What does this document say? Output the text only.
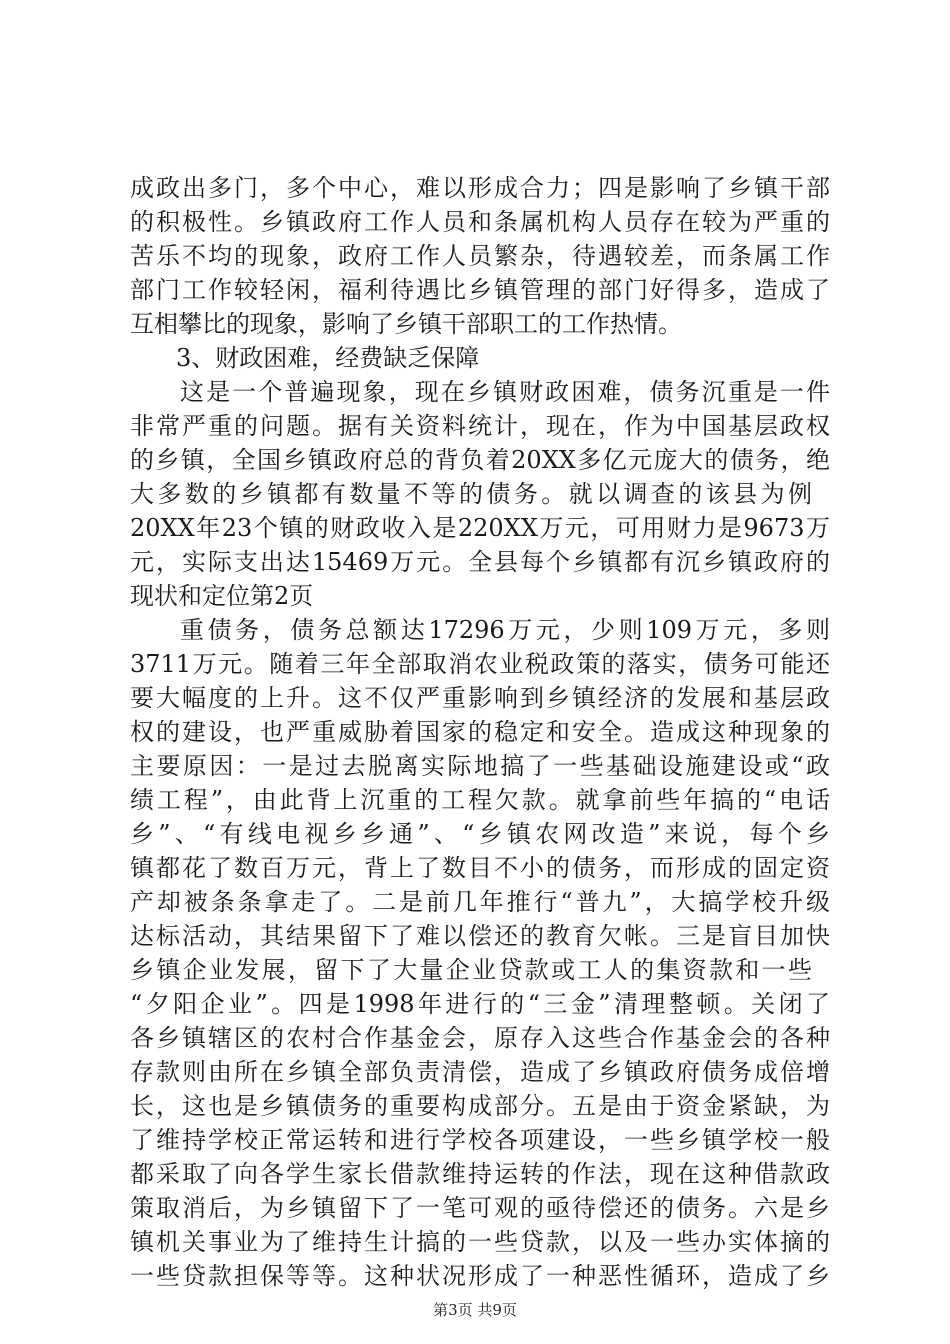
成政出多门，多个中心，难以形成合力；四是影响了乡镇干部
的积极性。乡镇政府工作人员和条属机构人员存在较为严重的
苦乐不均的现象，政府工作人员繁杂，待遇较差，而条属工作
部门工作较轻闲，福利待遇比乡镇管理的部门好得多，造成了
互相攀比的现象，影响了乡镇干部职工的工作热情。
3、财政困难，经费缺乏保障
这是一个普遍现象，现在乡镇财政困难，债务沉重是一件
非常严重的问题。据有关资料统计，现在，作为中国基层政权
的乡镇，全国乡镇政府总的背负着20XX多亿元庞大的债务，绝
大多数的乡镇都有数量不等的债务。就以调查的该县为例
20XX年23个镇的财政收入是220XX万元，可用财力是9673万
元，实际支出达15469万元。全县每个乡镇都有沉乡镇政府的
现状和定位第2页
重债务，债务总额达17296万元，少则109万元，多则
3711万元。随着三年全部取消农业税政策的落实，债务可能还
要大幅度的上升。这不仅严重影响到乡镇经济的发展和基层政
权的建设，也严重威胁着国家的稳定和安全。造成这种现象的
主要原因：一是过去脱离实际地搞了一些基础设施建设或“政
绩工程”，由此背上沉重的工程欠款。就拿前些年搞的“电话
乡”、“有线电视乡乡通”、“乡镇农网改造”来说，每个乡
镇都花了数百万元，背上了数目不小的债务，而形成的固定资
产却被条条拿走了。二是前几年推行“普九”，大搞学校升级
达标活动，其结果留下了难以偿还的教育欠帐。三是盲目加快
乡镇企业发展，留下了大量企业贷款或工人的集资款和一些
“夕阳企业”。四是1998年进行的“三金”清理整顿。关闭了
各乡镇辖区的农村合作基金会，原存入这些合作基金会的各种
存款则由所在乡镇全部负责清偿，造成了乡镇政府债务成倍增
长，这也是乡镇债务的重要构成部分。五是由于资金紧缺，为
了维持学校正常运转和进行学校各项建设，一些乡镇学校一般
都采取了向各学生家长借款维持运转的作法，现在这种借款政
策取消后，为乡镇留下了一笔可观的亟待偿还的债务。六是乡
镇机关事业为了维持生计搞的一些贷款，以及一些办实体摘的
一些贷款担保等等。这种状况形成了一种恶性循环，造成了乡
第3页 共9页
